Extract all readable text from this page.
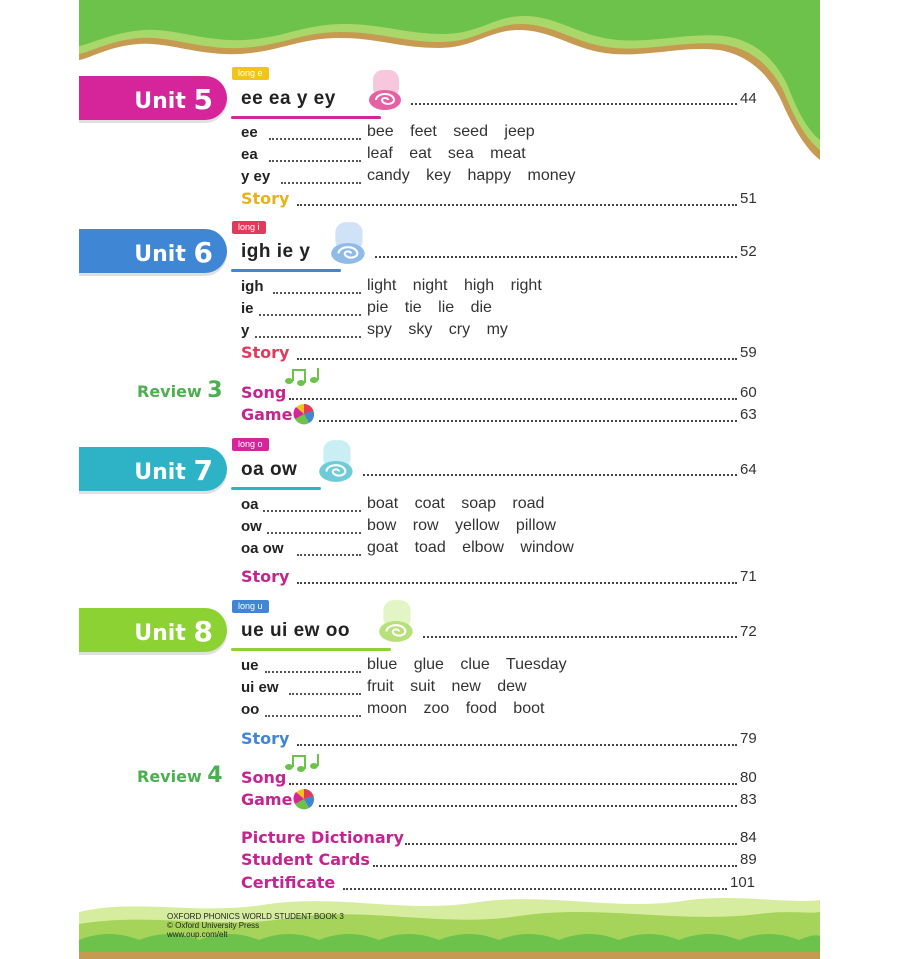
Unit 5
long e
ee ea y ey	44
ee	bee feet seed jeep
ea	leaf eat sea meat
y ey	candy key happy money
Story	51
Unit 6
long i
igh ie y	52
igh	light night high right
ie	pie tie lie die
y	spy sky cry my
Story	59
Review 3 Song	60
Game	63
Unit 7
long o
oa ow	64
oa	boat coat soap road
ow	bow row yellow pillow
oa ow	goat toad elbow window
Story	71
Unit 8
long u
ue ui ew oo	72
ue	blue glue clue Tuesday
ui ew	fruit suit new dew
oo	moon zoo food boot
Story	79
Review 4 Song	80
Game	83
Picture Dictionary	84
Student Cards	89
Certificate	101
OXFORD PHONICS WORLD STUDENT BOOK 3
© Oxford University Press
www.oup.com/elt
